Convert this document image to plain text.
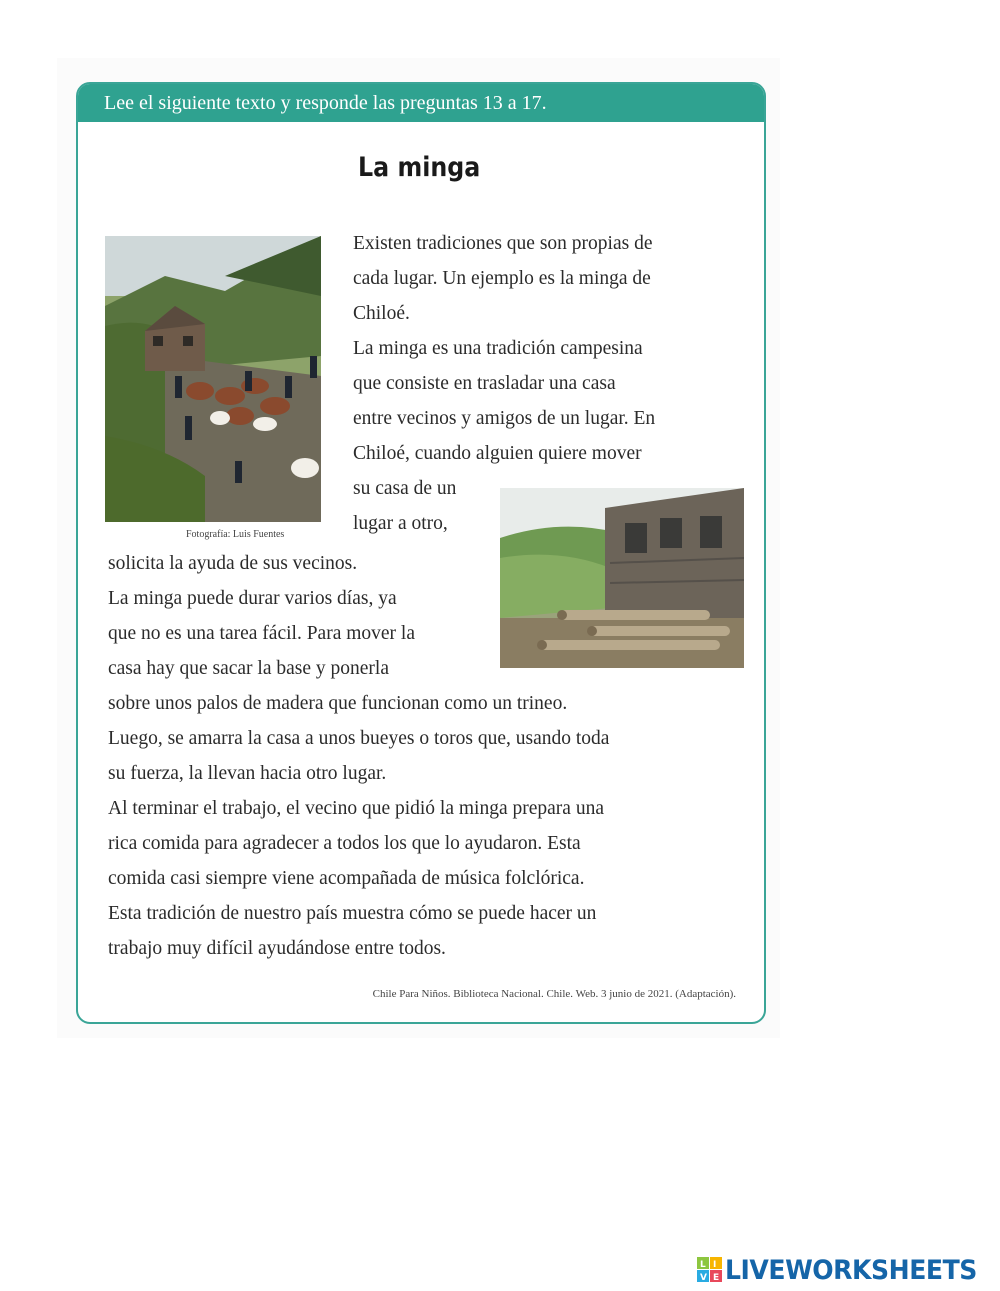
Lee el siguiente texto y responde las preguntas 13 a 17.
La minga
Fotografía: Luis Fuentes
Existen tradiciones que son propias de
cada lugar. Un ejemplo es la minga de
Chiloé.
La minga es una tradición campesina
que consiste en trasladar una casa
entre vecinos y amigos de un lugar. En
Chiloé, cuando alguien quiere mover
su casa de un
lugar a otro,
solicita la ayuda de sus vecinos.
La minga puede durar varios días, ya
que no es una tarea fácil. Para mover la
casa hay que sacar la base y ponerla
sobre unos palos de madera que funcionan como un trineo.
Luego, se amarra la casa a unos bueyes o toros que, usando toda
su fuerza, la llevan hacia otro lugar.
Al terminar el trabajo, el vecino que pidió la minga prepara una
rica comida para agradecer a todos los que lo ayudaron. Esta
comida casi siempre viene acompañada de música folclórica.
Esta tradición de nuestro país muestra cómo se puede hacer un
trabajo muy difícil ayudándose entre todos.
Chile Para Niños. Biblioteca Nacional. Chile. Web. 3 junio de 2021. (Adaptación).
L I
V E LIVEWORKSHEETS
